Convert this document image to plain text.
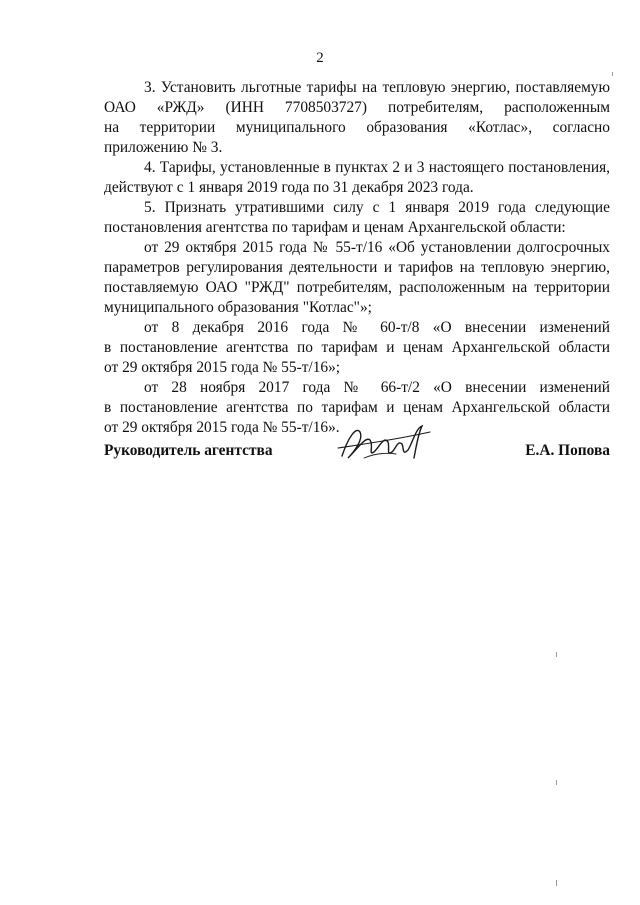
2
3. Установить льготные тарифы на тепловую энергию, поставляемую
ОАО «РЖД» (ИНН 7708503727) потребителям, расположенным
на территории муниципального образования «Котлас», согласно
приложению № 3.
4. Тарифы, установленные в пунктах 2 и 3 настоящего постановления,
действуют с 1 января 2019 года по 31 декабря 2023 года.
5. Признать утратившими силу с 1 января 2019 года следующие
постановления агентства по тарифам и ценам Архангельской области:
от 29 октября 2015 года № 55-т/16 «Об установлении долгосрочных
параметров регулирования деятельности и тарифов на тепловую энергию,
поставляемую ОАО "РЖД" потребителям, расположенным на территории
муниципального образования "Котлас"»;
от 8 декабря 2016 года № 60-т/8 «О внесении изменений
в постановление агентства по тарифам и ценам Архангельской области
от 29 октября 2015 года № 55-т/16»;
от 28 ноября 2017 года № 66-т/2 «О внесении изменений
в постановление агентства по тарифам и ценам Архангельской области
от 29 октября 2015 года № 55-т/16».
Руководитель агентства	Е.А. Попова
